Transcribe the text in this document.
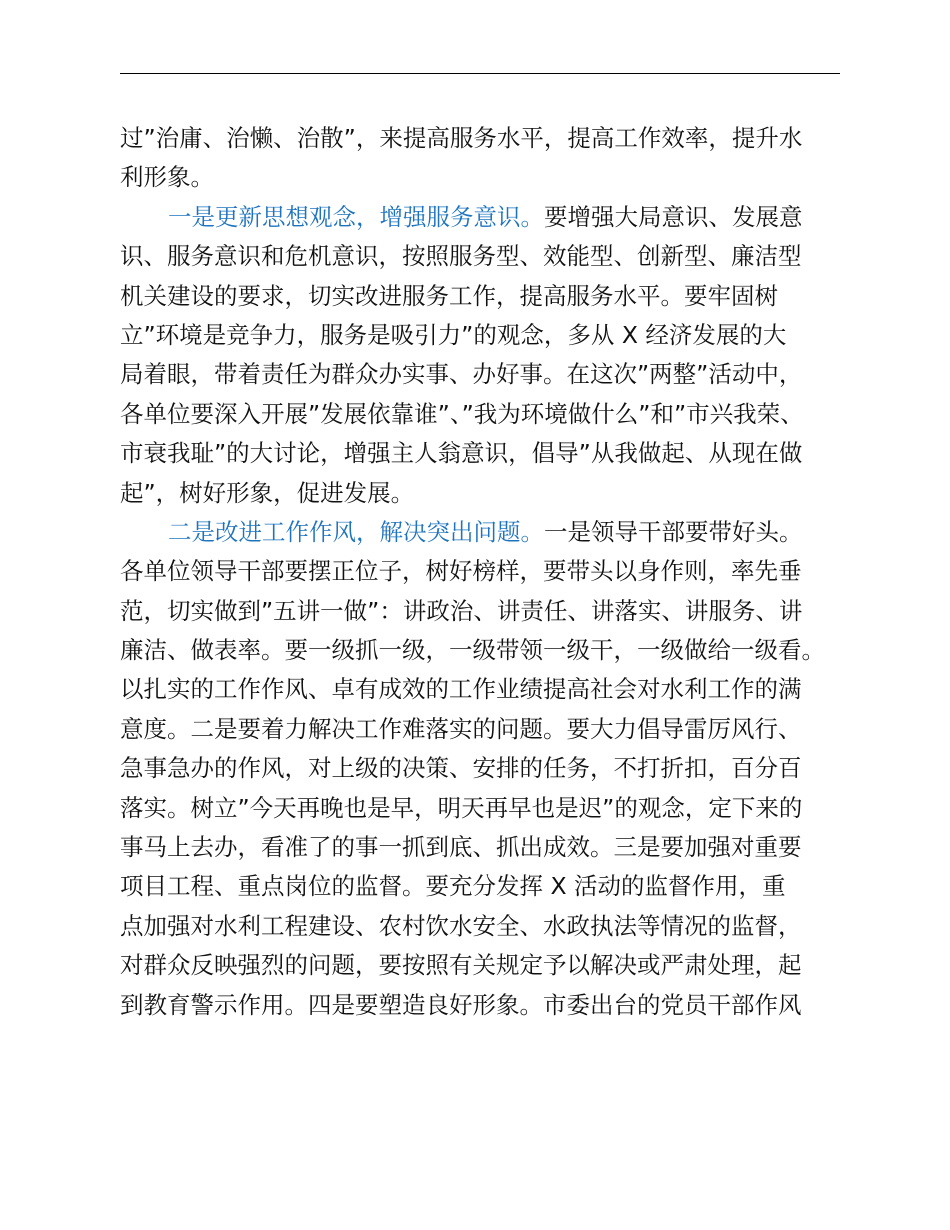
过”治庸、治懒、治散”，来提高服务水平，提高工作效率，提升水
利形象。
一是更新思想观念，增强服务意识。要增强大局意识、发展意
识、服务意识和危机意识，按照服务型、效能型、创新型、廉洁型
机关建设的要求，切实改进服务工作，提高服务水平。要牢固树
立”环境是竞争力，服务是吸引力”的观念，多从 X 经济发展的大
局着眼，带着责任为群众办实事、办好事。在这次”两整”活动中，
各单位要深入开展”发展依靠谁”、”我为环境做什么”和”市兴我荣、
市衰我耻”的大讨论，增强主人翁意识，倡导”从我做起、从现在做
起”，树好形象，促进发展。
二是改进工作作风，解决突出问题。一是领导干部要带好头。
各单位领导干部要摆正位子，树好榜样，要带头以身作则，率先垂
范，切实做到”五讲一做”：讲政治、讲责任、讲落实、讲服务、讲
廉洁、做表率。要一级抓一级，一级带领一级干，一级做给一级看。
以扎实的工作作风、卓有成效的工作业绩提高社会对水利工作的满
意度。二是要着力解决工作难落实的问题。要大力倡导雷厉风行、
急事急办的作风，对上级的决策、安排的任务，不打折扣，百分百
落实。树立”今天再晚也是早，明天再早也是迟”的观念，定下来的
事马上去办，看准了的事一抓到底、抓出成效。三是要加强对重要
项目工程、重点岗位的监督。要充分发挥 X 活动的监督作用，重
点加强对水利工程建设、农村饮水安全、水政执法等情况的监督，
对群众反映强烈的问题，要按照有关规定予以解决或严肃处理，起
到教育警示作用。四是要塑造良好形象。市委出台的党员干部作风
